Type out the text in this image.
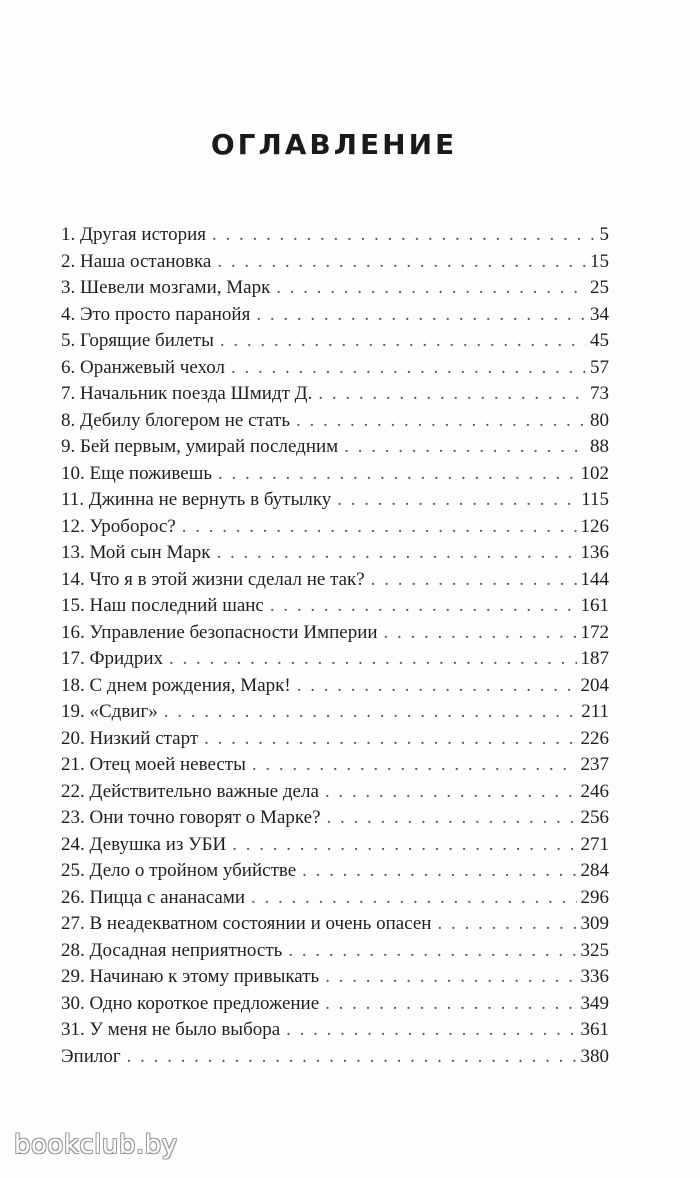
ОГЛАВЛЕНИЕ
1. Другая история . . .	5
2. Наша остановка . . .	15
3. Шевели мозгами, Марк . . .	25
4. Это просто паранойя . . .	34
5. Горящие билеты . . .	45
6. Оранжевый чехол . . .	57
7. Начальник поезда Шмидт Д. . . .	73
8. Дебилу блогером не стать . . .	80
9. Бей первым, умирай последним . . .	88
10. Еще поживешь . . .	102
11. Джинна не вернуть в бутылку . . .	115
12. Уроборос? . . .	126
13. Мой сын Марк . . .	136
14. Что я в этой жизни сделал не так? . . .	144
15. Наш последний шанс . . .	161
16. Управление безопасности Империи . . .	172
17. Фридрих . . .	187
18. С днем рождения, Марк! . . .	204
19. «Сдвиг» . . .	211
20. Низкий старт . . .	226
21. Отец моей невесты . . .	237
22. Действительно важные дела . . .	246
23. Они точно говорят о Марке? . . .	256
24. Девушка из УБИ . . .	271
25. Дело о тройном убийстве . . .	284
26. Пицца с ананасами . . .	296
27. В неадекватном состоянии и очень опасен . . .	309
28. Досадная неприятность . . .	325
29. Начинаю к этому привыкать . . .	336
30. Одно короткое предложение . . .	349
31. У меня не было выбора . . .	361
Эпилог . . .	380
bookclub.by
